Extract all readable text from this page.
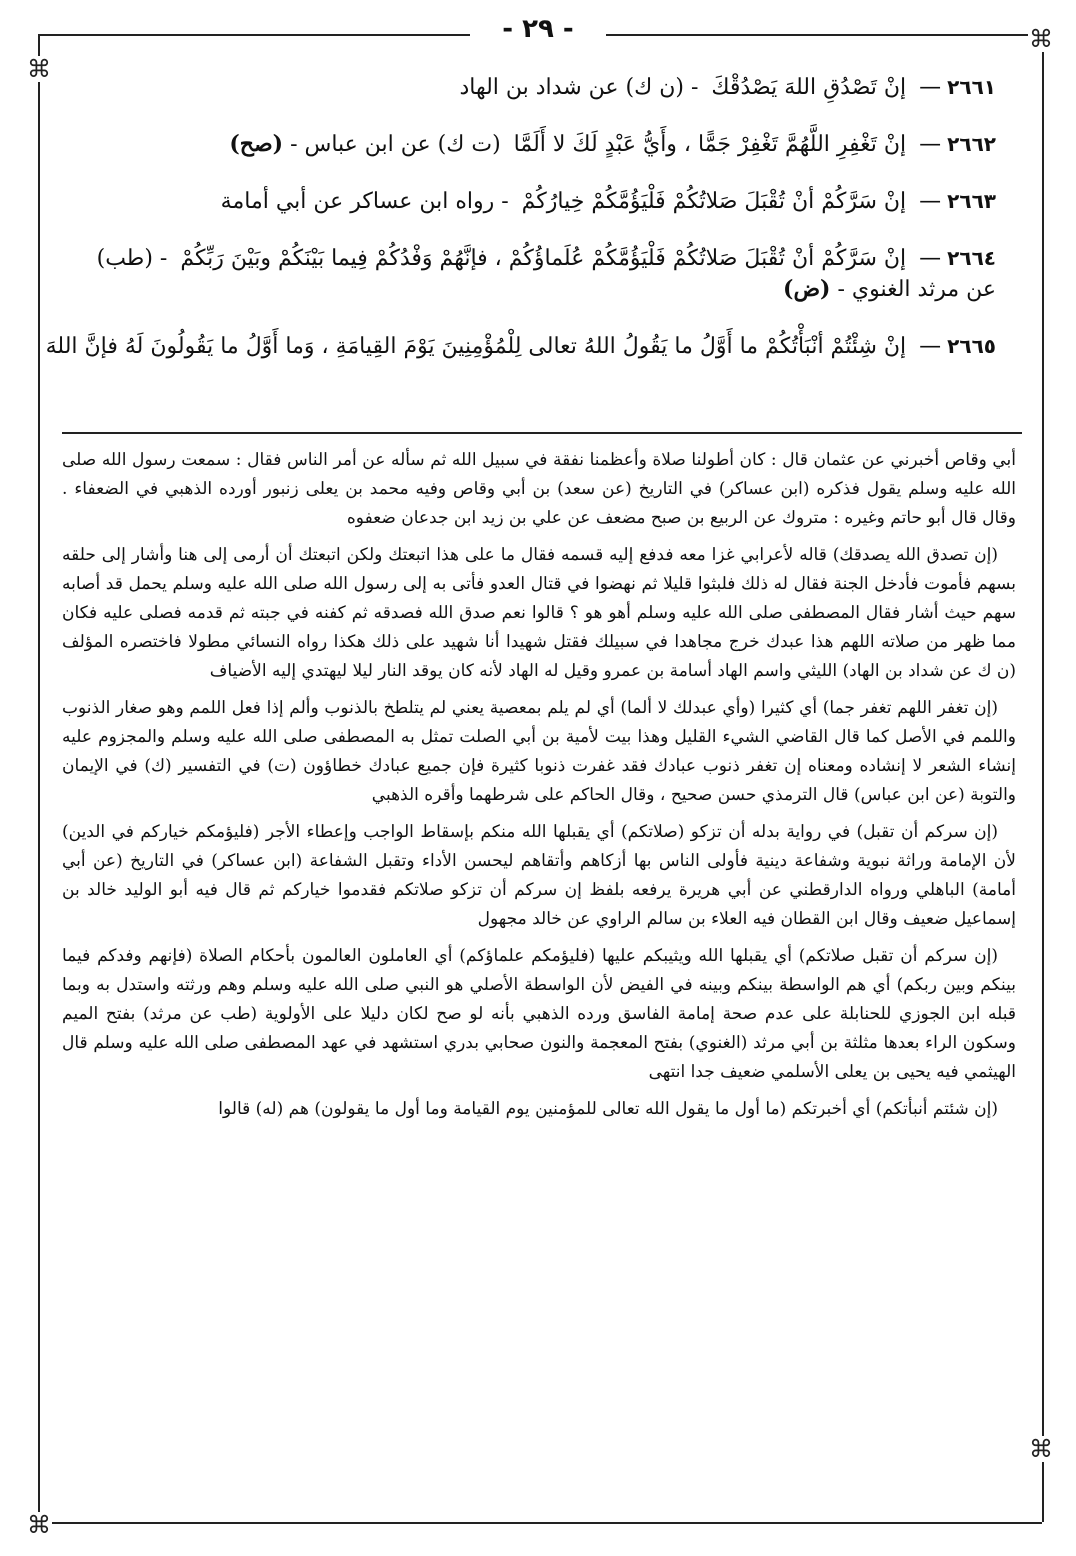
⌘
⌘
⌘
⌘
- ٢٩ -
٢٦٦١— إنْ تَصْدُقِ اللهَ يَصْدُقْكَ - (ن ك) عن شداد بن الهاد
٢٦٦٢— إنْ تَغْفِرِ اللَّهُمَّ تَغْفِرْ جَمًّا ، وأَيُّ عَبْدٍ لَكَ لا أَلَمَّا (ت ك) عن ابن عباس - (صح)
٢٦٦٣— إنْ سَرَّكُمْ أنْ تُقْبَلَ صَلاتُكُمْ فَلْيَؤُمَّكُمْ خِيارُكُمْ - رواه ابن عساكر عن أبي أمامة
٢٦٦٤— إنْ سَرَّكُمْ أنْ تُقْبَلَ صَلاتُكُمْ فَلْيَؤُمَّكُمْ عُلَماؤُكُمْ ، فإنَّهُمْ وَفْدُكُمْ فِيما بَيْنَكُمْ وبَيْنَ رَبِّكُمْ - (طب) عن مرثد الغنوي - (ض)
٢٦٦٥— إنْ شِئْتُمْ أنْبَأْتُكُمْ ما أَوَّلُ ما يَقُولُ اللهُ تعالى لِلْمُؤْمِنِينَ يَوْمَ القِيامَةِ ، وَما أَوَّلُ ما يَقُولُونَ لَهُ فإنَّ اللهَ

أبي وقاص أخبرني عن عثمان قال : كان أطولنا صلاة وأعظمنا نفقة في سبيل الله ثم سأله عن أمر الناس فقال : سمعت رسول الله صلى الله عليه وسلم يقول فذكره (ابن عساكر) في التاريخ (عن سعد) بن أبي وقاص وفيه محمد بن يعلى زنبور أورده الذهبي في الضعفاء . وقال قال أبو حاتم وغيره : متروك عن الربيع بن صبح مضعف عن علي بن زيد ابن جدعان ضعفوه

(إن تصدق الله يصدقك) قاله لأعرابي غزا معه فدفع إليه قسمه فقال ما على هذا اتبعتك ولكن اتبعتك أن أرمى إلى هنا وأشار إلى حلقه بسهم فأموت فأدخل الجنة فقال له ذلك فلبثوا قليلا ثم نهضوا في قتال العدو فأتى به إلى رسول الله صلى الله عليه وسلم يحمل قد أصابه سهم حيث أشار فقال المصطفى صلى الله عليه وسلم أهو هو ؟ قالوا نعم صدق الله فصدقه ثم كفنه في جبته ثم قدمه فصلى عليه فكان مما ظهر من صلاته اللهم هذا عبدك خرج مجاهدا في سبيلك فقتل شهيدا أنا شهيد على ذلك هكذا رواه النسائي مطولا فاختصره المؤلف (ن ك عن شداد بن الهاد) الليثي واسم الهاد أسامة بن عمرو وقيل له الهاد لأنه كان يوقد النار ليلا ليهتدي إليه الأضياف

(إن تغفر اللهم تغفر جما) أي كثيرا (وأي عبدلك لا ألما) أي لم يلم بمعصية يعني لم يتلطخ بالذنوب وألم إذا فعل اللمم وهو صغار الذنوب واللمم في الأصل كما قال القاضي الشيء القليل وهذا بيت لأمية بن أبي الصلت تمثل به المصطفى صلى الله عليه وسلم والمجزوم عليه إنشاء الشعر لا إنشاده ومعناه إن تغفر ذنوب عبادك فقد غفرت ذنوبا كثيرة فإن جميع عبادك خطاؤون (ت) في التفسير (ك) في الإيمان والتوبة (عن ابن عباس) قال الترمذي حسن صحيح ، وقال الحاكم على شرطهما وأقره الذهبي

(إن سركم أن تقبل) في رواية بدله أن تزكو (صلاتكم) أي يقبلها الله منكم بإسقاط الواجب وإعطاء الأجر (فليؤمكم خياركم في الدين) لأن الإمامة وراثة نبوية وشفاعة دينية فأولى الناس بها أزكاهم وأتقاهم ليحسن الأداء وتقبل الشفاعة (ابن عساكر) في التاريخ (عن أبي أمامة) الباهلي ورواه الدارقطني عن أبي هريرة يرفعه بلفظ إن سركم أن تزكو صلاتكم فقدموا خياركم ثم قال فيه أبو الوليد خالد بن إسماعيل ضعيف وقال ابن القطان فيه العلاء بن سالم الراوي عن خالد مجهول

(إن سركم أن تقبل صلاتكم) أي يقبلها الله ويثيبكم عليها (فليؤمكم علماؤكم) أي العاملون العالمون بأحكام الصلاة (فإنهم وفدكم فيما بينكم وبين ربكم) أي هم الواسطة بينكم وبينه في الفيض لأن الواسطة الأصلي هو النبي صلى الله عليه وسلم وهم ورثته واستدل به وبما قبله ابن الجوزي للحنابلة على عدم صحة إمامة الفاسق ورده الذهبي بأنه لو صح لكان دليلا على الأولوية (طب عن مرثد) بفتح الميم وسكون الراء بعدها مثلثة بن أبي مرثد (الغنوي) بفتح المعجمة والنون صحابي بدري استشهد في عهد المصطفى صلى الله عليه وسلم قال الهيثمي فيه يحيى بن يعلى الأسلمي ضعيف جدا انتهى

(إن شئتم أنبأتكم) أي أخبرتكم (ما أول ما يقول الله تعالى للمؤمنين يوم القيامة وما أول ما يقولون) هم (له) قالوا
